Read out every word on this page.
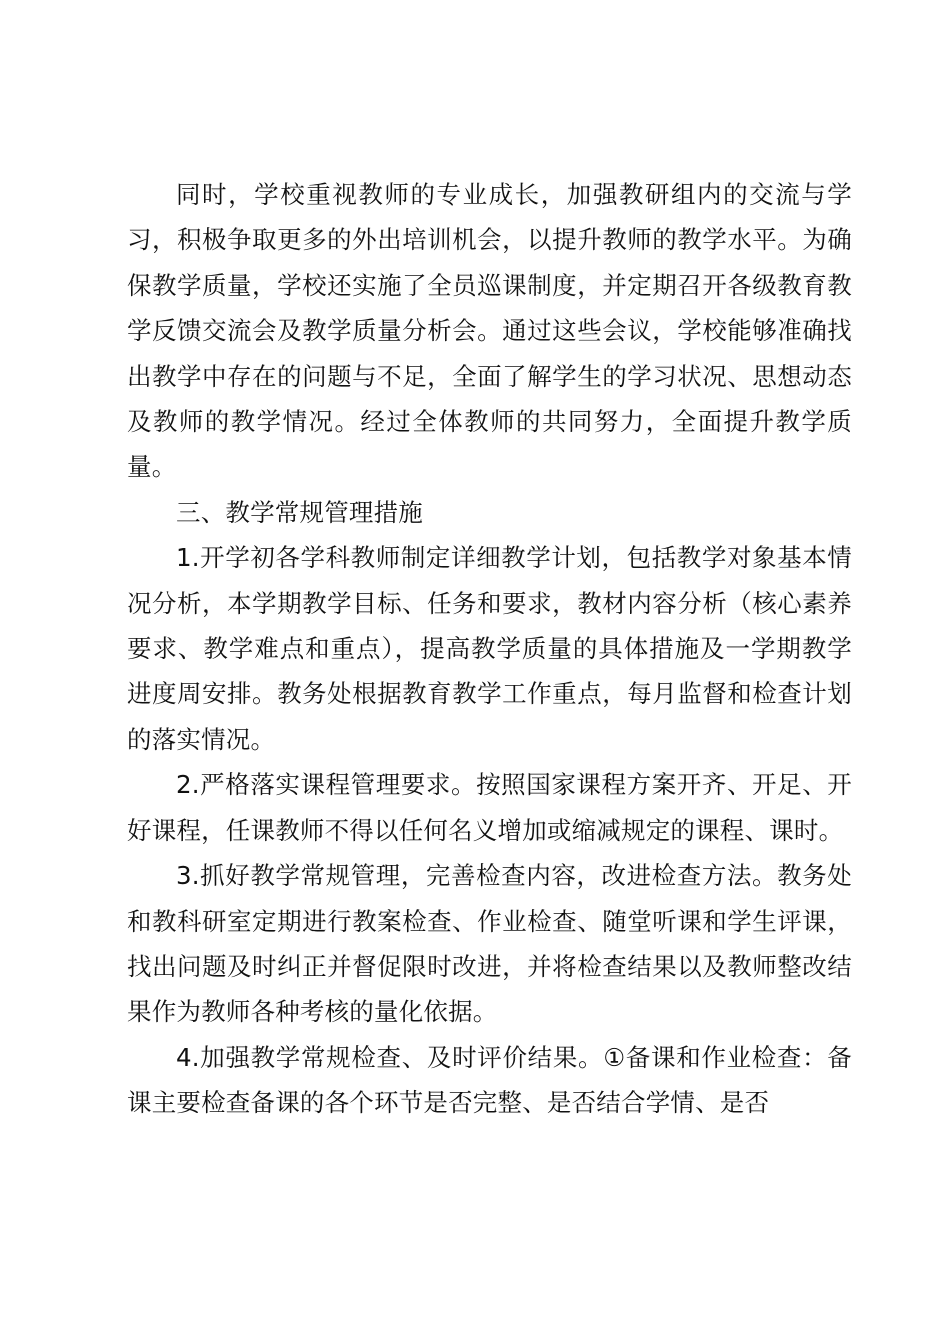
同时，学校重视教师的专业成长，加强教研组内的交流与学习，积极争取更多的外出培训机会，以提升教师的教学水平。为确保教学质量，学校还实施了全员巡课制度，并定期召开各级教育教学反馈交流会及教学质量分析会。通过这些会议，学校能够准确找出教学中存在的问题与不足，全面了解学生的学习状况、思想动态及教师的教学情况。经过全体教师的共同努力，全面提升教学质量。

三、教学常规管理措施

1.开学初各学科教师制定详细教学计划，包括教学对象基本情况分析，本学期教学目标、任务和要求，教材内容分析（核心素养要求、教学难点和重点），提高教学质量的具体措施及一学期教学进度周安排。教务处根据教育教学工作重点，每月监督和检查计划的落实情况。

2.严格落实课程管理要求。按照国家课程方案开齐、开足、开好课程，任课教师不得以任何名义增加或缩减规定的课程、课时。

3.抓好教学常规管理，完善检查内容，改进检查方法。教务处和教科研室定期进行教案检查、作业检查、随堂听课和学生评课，找出问题及时纠正并督促限时改进，并将检查结果以及教师整改结果作为教师各种考核的量化依据。

4.加强教学常规检查、及时评价结果。①备课和作业检查：备课主要检查备课的各个环节是否完整、是否结合学情、是否
